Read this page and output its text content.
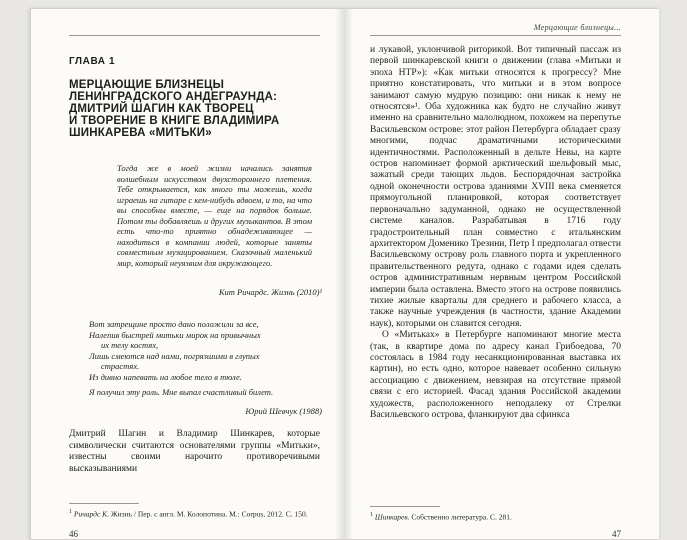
ГЛАВА 1
МЕРЦАЮЩИЕ БЛИЗНЕЦЫ
ЛЕНИНГРАДСКОГО АНДЕГРАУНДА:
ДМИТРИЙ ШАГИН КАК ТВОРЕЦ
И ТВОРЕНИЕ В КНИГЕ ВЛАДИМИРА
ШИНКАРЕВА «МИТЬКИ»

Тогда же в моей жизни начались занятия волшебным искусством двухстороннего плетения. Тебе открывается, как много ты можешь, когда играешь на гитаре с кем-нибудь вдвоем, и то, на что вы способны вместе, — еще на порядок больше. Потом ты добавляешь и других музыкантов. В этом есть что-то приятно обнадеживающее — находиться в компании людей, которые заняты совместным музицированием. Сказочный маленький мир, который неуязвим для окружающего.

Кит Ричардс. Жизнь (2010)¹

Вот затрещине просто дано положили за все,

Налепив быстрей митьки мирок на привычных их телу костях,

Лишь смеются над нами, погрязшими в глупых страстях.

Из дивно напевать на любое тело в тюле.

Я получил эту роль. Мне выпал счастливый билет.

Юрий Шевчук (1988)

Дмитрий Шагин и Владимир Шинкарев, которые символически считаются основателями группы «Митьки», известны своими нарочито противоречивыми высказываниями

$^1$ Ричардс К. Жизнь / Пер. с англ. М. Колопотина. М.: Corpus, 2012. С. 150.

46
Мерцающие близнецы...

и лукавой, уклончивой риторикой. Вот типичный пассаж из первой шинкаревской книги о движении (глава «Митьки и эпоха НТР»): «Как митьки относятся к прогрессу? Мне приятно констатировать, что митьки и в этом вопросе занимают самую мудрую позицию: они никак к нему не относятся»¹. Оба художника как будто не случайно живут именно на сравнительно малолюдном, похожем на перепутье Васильевском острове: этот район Петербурга обладает сразу многими, подчас драматичными историческими идентичностями. Расположенный в дельте Невы, на карте остров напоминает формой арктический шельфовый мыс, зажатый среди тающих льдов. Беспорядочная застройка одной оконечности острова зданиями XVIII века сменяется прямоугольной планировкой, которая соответствует первоначально задуманной, однако не осуществленной системе каналов. Разрабатывая в 1716 году градостроительный план совместно с итальянским архитектором Доменико Трезини, Петр I предполагал отвести Васильевскому острову роль главного порта и укрепленного правительственного редута, однако с годами идея сделать остров административным нервным центром Российской империи была оставлена. Вместо этого на острове появились тихие жилые кварталы для среднего и рабочего класса, а также научные учреждения (в частности, здание Академии наук), которыми он славится сегодня.

О «Митьках» в Петербурге напоминают многие места (так, в квартире дома по адресу канал Грибоедова, 70 состоялась в 1984 году несанкционированная выставка их картин), но есть одно, которое навевает особенно сильную ассоциацию с движением, невзирая на отсутствие прямой связи с его историей. Фасад здания Российской академии художеств, расположенного неподалеку от Стрелки Васильевского острова, фланкируют два сфинкса

$^1$ Шинкарев. Собственно литература. С. 281.

47
